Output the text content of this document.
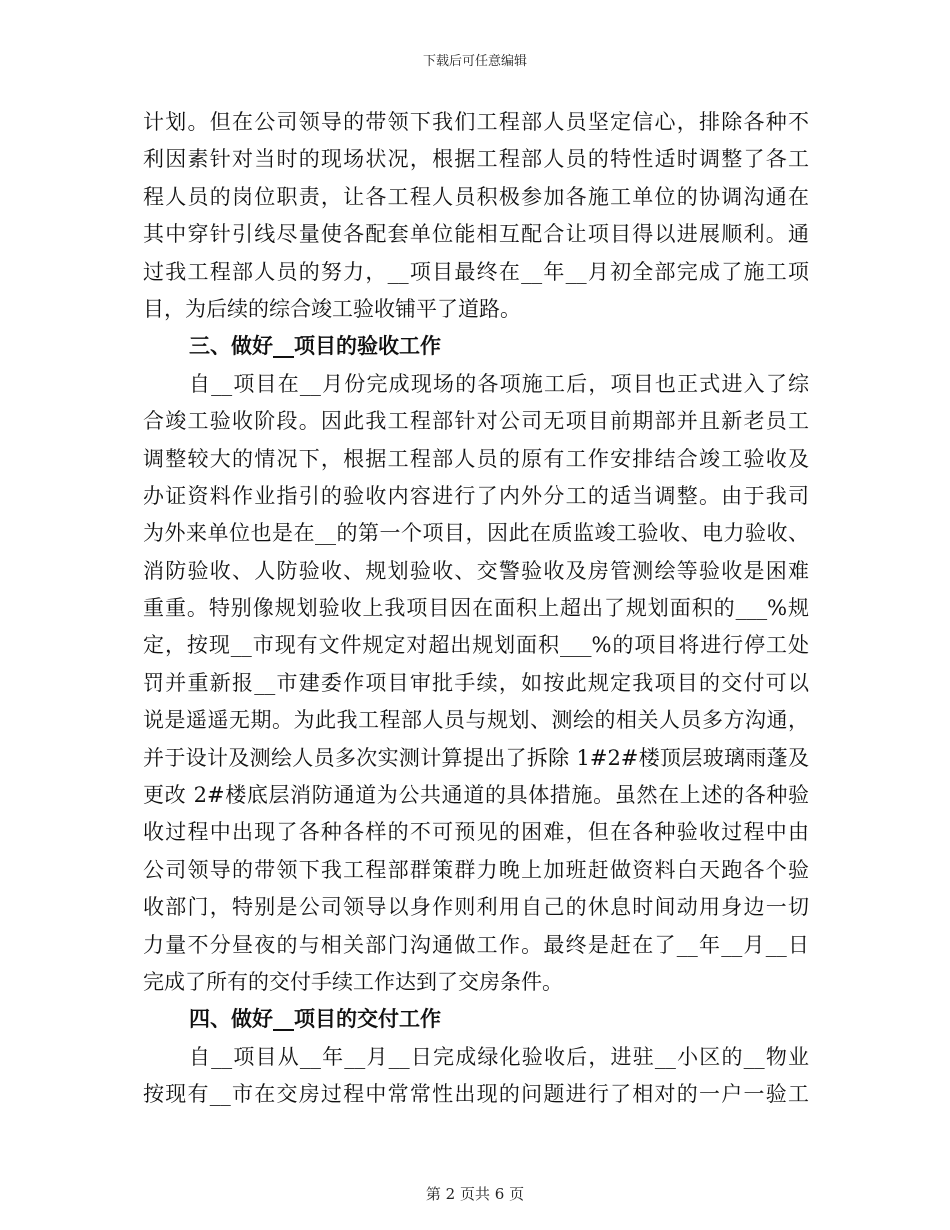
下载后可任意编辑
计划。但在公司领导的带领下我们工程部人员坚定信心，排除各种不
利因素针对当时的现场状况，根据工程部人员的特性适时调整了各工
程人员的岗位职责，让各工程人员积极参加各施工单位的协调沟通在
其中穿针引线尽量使各配套单位能相互配合让项目得以进展顺利。通
过我工程部人员的努力，__项目最终在__年__月初全部完成了施工项
目，为后续的综合竣工验收铺平了道路。
三、做好__项目的验收工作
自__项目在__月份完成现场的各项施工后，项目也正式进入了综
合竣工验收阶段。因此我工程部针对公司无项目前期部并且新老员工
调整较大的情况下，根据工程部人员的原有工作安排结合竣工验收及
办证资料作业指引的验收内容进行了内外分工的适当调整。由于我司
为外来单位也是在__的第一个项目，因此在质监竣工验收、电力验收、
消防验收、人防验收、规划验收、交警验收及房管测绘等验收是困难
重重。特别像规划验收上我项目因在面积上超出了规划面积的___%规
定，按现__市现有文件规定对超出规划面积___%的项目将进行停工处
罚并重新报__市建委作项目审批手续，如按此规定我项目的交付可以
说是遥遥无期。为此我工程部人员与规划、测绘的相关人员多方沟通，
并于设计及测绘人员多次实测计算提出了拆除 1#2#楼顶层玻璃雨蓬及
更改 2#楼底层消防通道为公共通道的具体措施。虽然在上述的各种验
收过程中出现了各种各样的不可预见的困难，但在各种验收过程中由
公司领导的带领下我工程部群策群力晚上加班赶做资料白天跑各个验
收部门，特别是公司领导以身作则利用自己的休息时间动用身边一切
力量不分昼夜的与相关部门沟通做工作。最终是赶在了__年__月__日
完成了所有的交付手续工作达到了交房条件。
四、做好__项目的交付工作
自__项目从__年__月__日完成绿化验收后，进驻__小区的__物业
按现有__市在交房过程中常常性出现的问题进行了相对的一户一验工
第 2 页共 6 页
